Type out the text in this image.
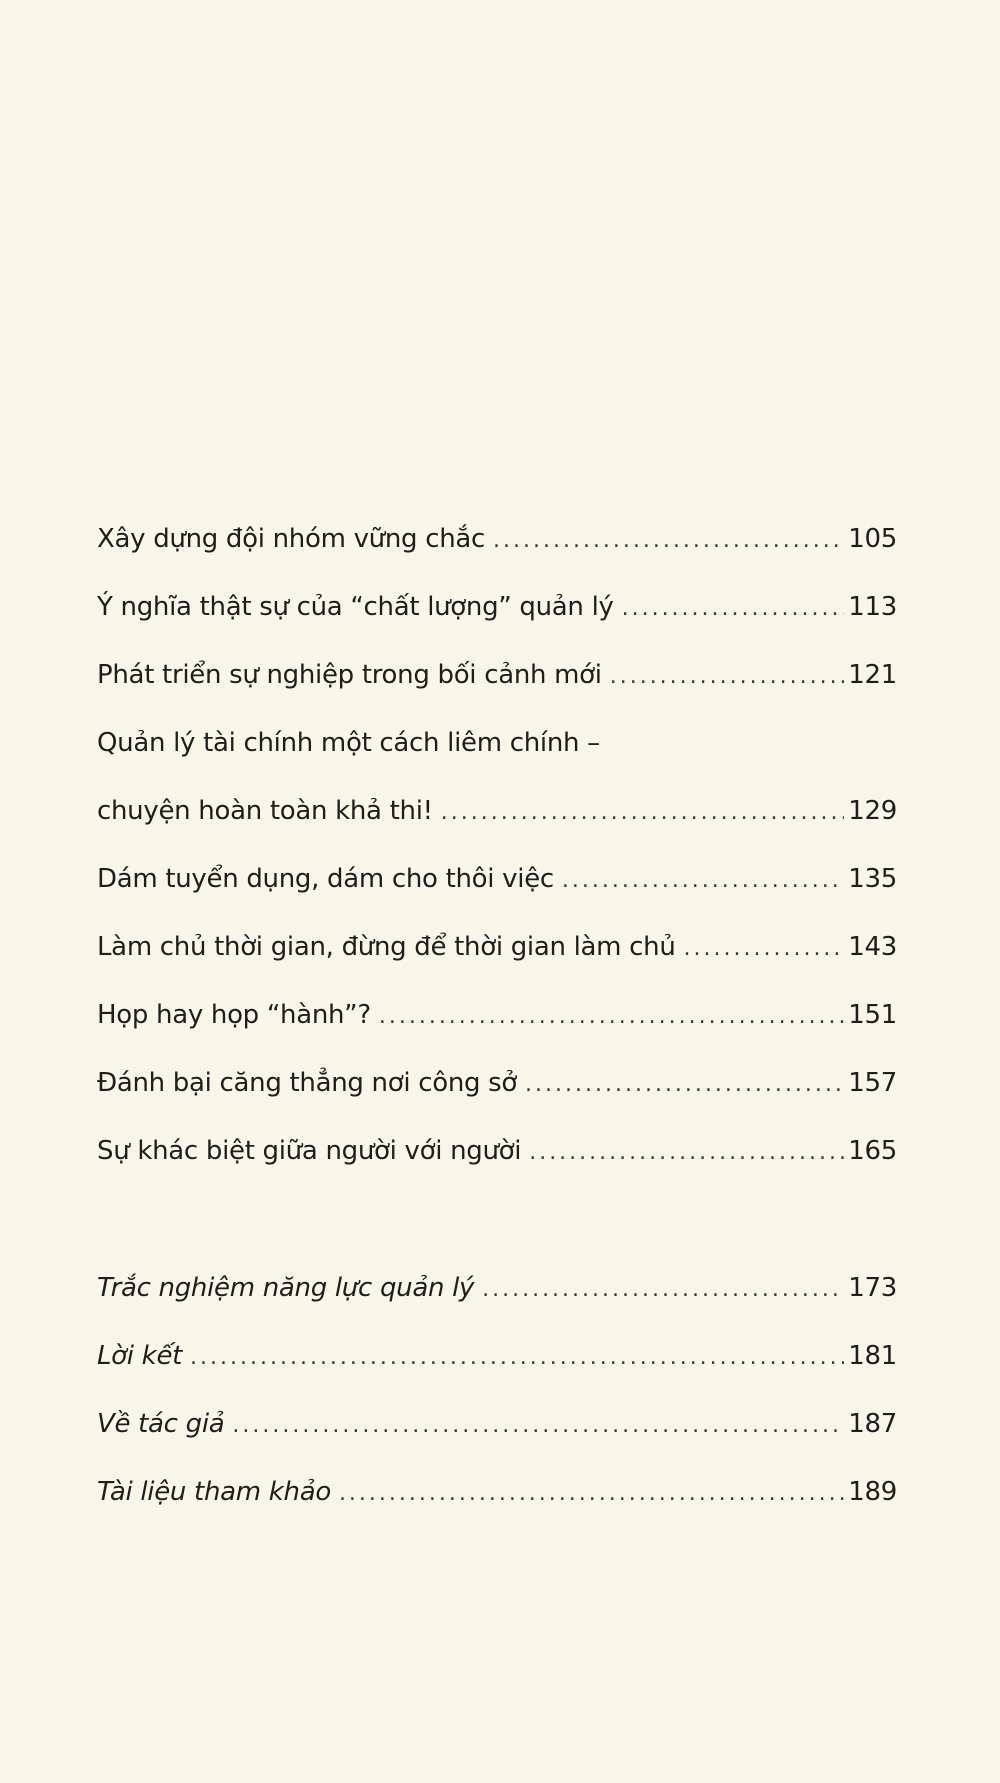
Xây dựng đội nhóm vững chắc .....	105
Ý nghĩa thật sự của “chất lượng” quản lý .....	113
Phát triển sự nghiệp trong bối cảnh mới .....	121
Quản lý tài chính một cách liêm chính –
chuyện hoàn toàn khả thi! .....	129
Dám tuyển dụng, dám cho thôi việc .....	135
Làm chủ thời gian, đừng để thời gian làm chủ .....	143
Họp hay họp “hành”? .....	151
Đánh bại căng thẳng nơi công sở .....	157
Sự khác biệt giữa người với người .....	165
Trắc nghiệm năng lực quản lý .....	173
Lời kết .....	181
Về tác giả .....	187
Tài liệu tham khảo .....	189
